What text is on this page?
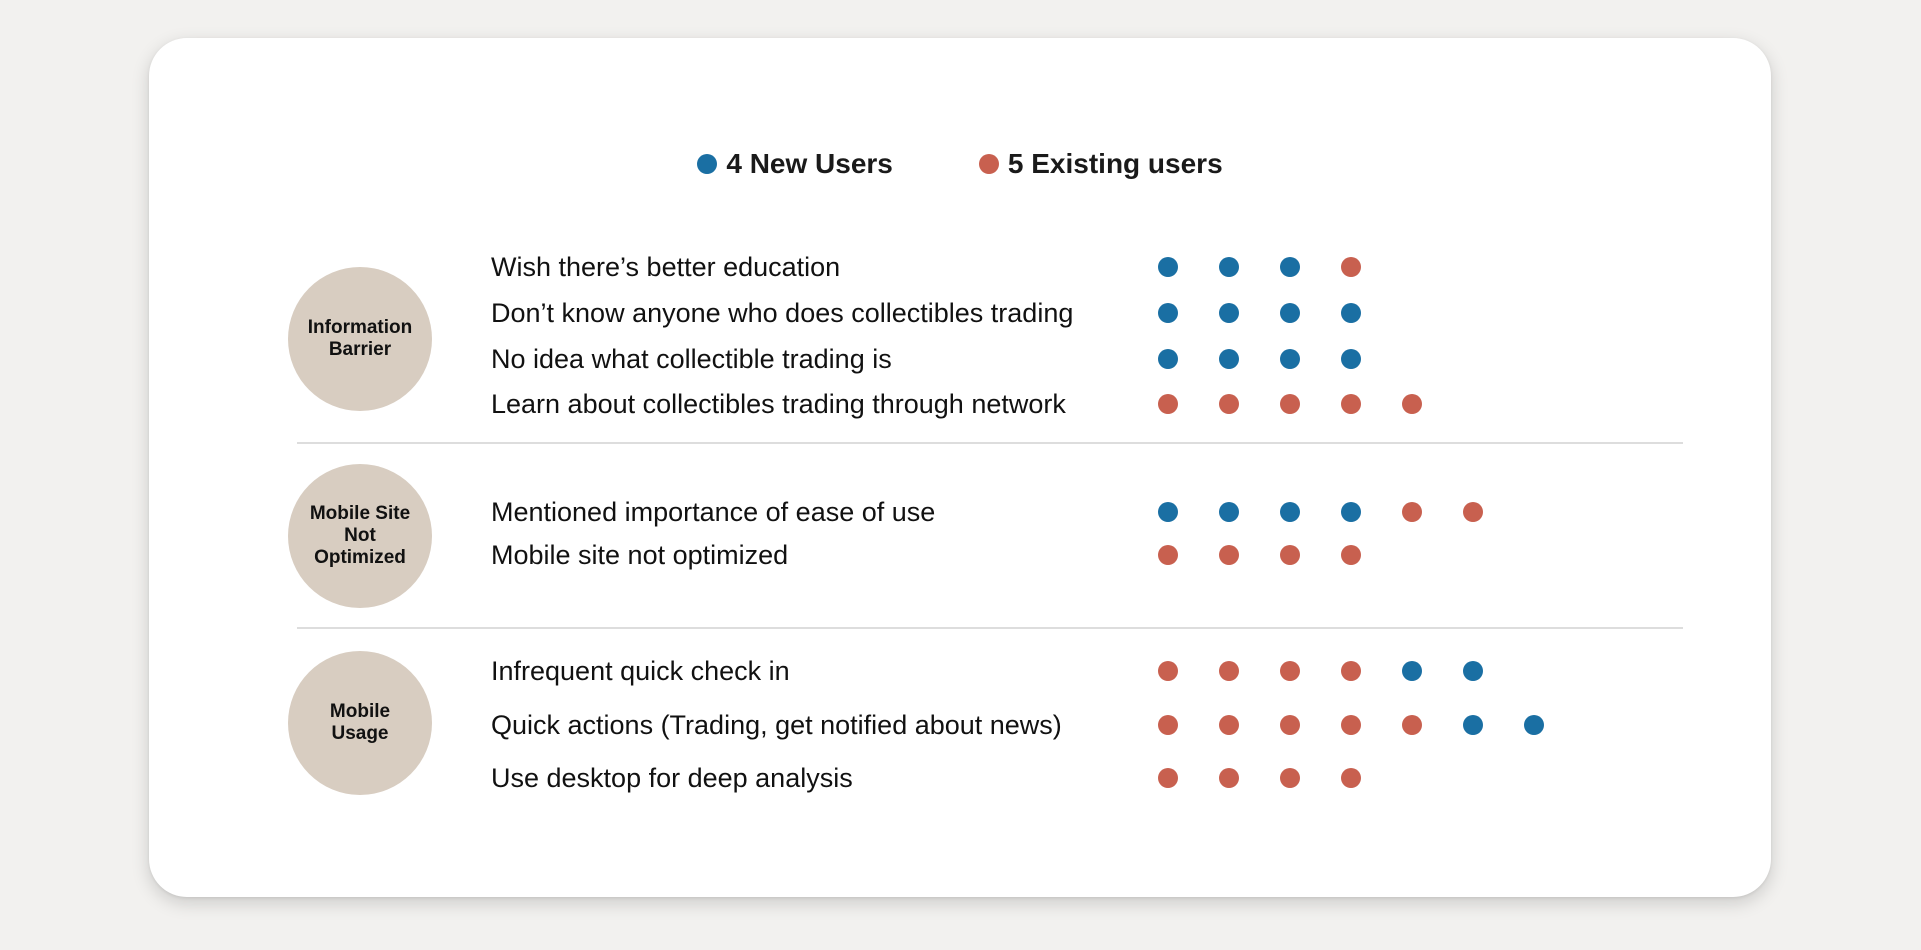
4 New Users	5 Existing users
Information
Barrier
Wish there’s better education
Don’t know anyone who does collectibles trading
No idea what collectible trading is
Learn about collectibles trading through network
Mobile Site
Not
Optimized
Mentioned importance of ease of use
Mobile site not optimized
Mobile
Usage
Infrequent quick check in
Quick actions (Trading, get notified about news)
Use desktop for deep analysis
